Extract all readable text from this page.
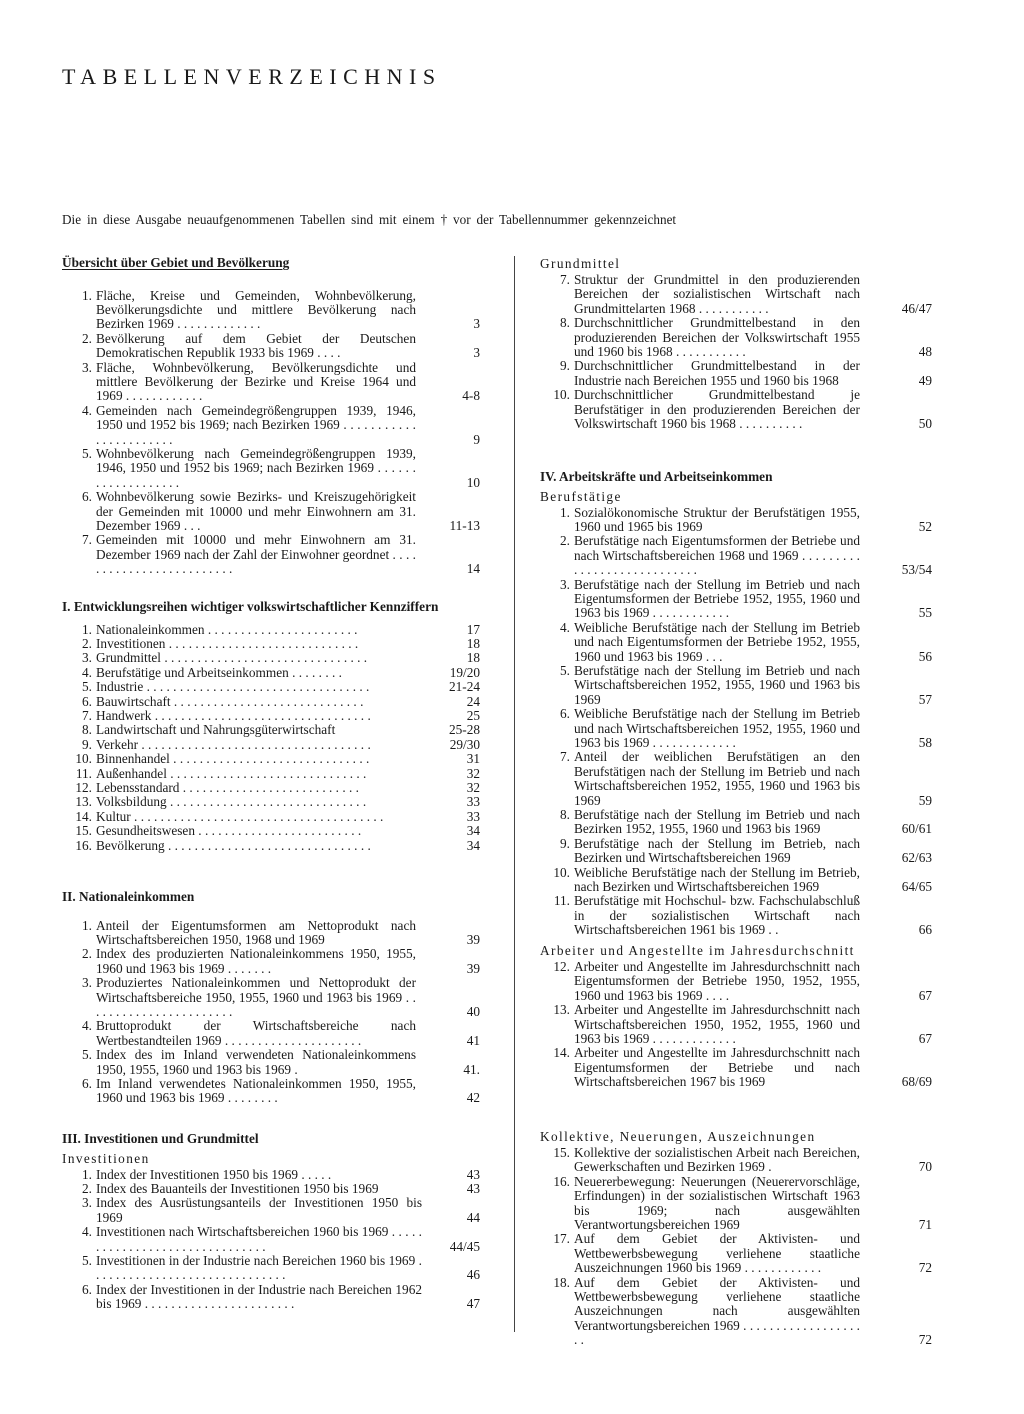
TABELLENVERZEICHNIS
Die in diese Ausgabe neuaufgenommenen Tabellen sind mit einem † vor der Tabellennummer gekennzeichnet
Übersicht über Gebiet und Bevölkerung
1. Fläche, Kreise und Gemeinden, Wohnbevölkerung, Bevölkerungsdichte und mittlere Bevölkerung nach Bezirken 1969 . . . . . . . . . . . . .	3
2. Bevölkerung auf dem Gebiet der Deutschen Demokratischen Republik 1933 bis 1969 . . . .	3
3. Fläche, Wohnbevölkerung, Bevölkerungsdichte und mittlere Bevölkerung der Bezirke und Kreise 1964 und 1969 . . . . . . . . . . . .	4-8
4. Gemeinden nach Gemeindegrößengruppen 1939, 1946, 1950 und 1952 bis 1969; nach Bezirken 1969 . . . . . . . . . . . . . . . . . . . . . . .	9
5. Wohnbevölkerung nach Gemeindegrößengruppen 1939, 1946, 1950 und 1952 bis 1969; nach Bezirken 1969 . . . . . . . . . . . . . . . . . . .	10
6. Wohnbevölkerung sowie Bezirks- und Kreiszugehörigkeit der Gemeinden mit 10000 und mehr Einwohnern am 31. Dezember 1969 . . .	11-13
7. Gemeinden mit 10000 und mehr Einwohnern am 31. Dezember 1969 nach der Zahl der Einwohner geordnet . . . . . . . . . . . . . . . . . . . . . . . . .	14
I. Entwicklungsreihen wichtiger volkswirtschaftlicher Kennziffern
1. Nationaleinkommen . . . . . . . . . . . . . . . . . . . . . . .	17
2. Investitionen . . . . . . . . . . . . . . . . . . . . . . . . . . . . .	18
3. Grundmittel . . . . . . . . . . . . . . . . . . . . . . . . . . . . . . .	18
4. Berufstätige und Arbeitseinkommen . . . . . . . .	19/20
5. Industrie . . . . . . . . . . . . . . . . . . . . . . . . . . . . . . . . . .	21-24
6. Bauwirtschaft . . . . . . . . . . . . . . . . . . . . . . . . . . . . .	24
7. Handwerk . . . . . . . . . . . . . . . . . . . . . . . . . . . . . . . . .	25
8. Landwirtschaft und Nahrungsgüterwirtschaft	25-28
9. Verkehr . . . . . . . . . . . . . . . . . . . . . . . . . . . . . . . . . . .	29/30
10. Binnenhandel . . . . . . . . . . . . . . . . . . . . . . . . . . . . . .	31
11. Außenhandel . . . . . . . . . . . . . . . . . . . . . . . . . . . . . .	32
12. Lebensstandard . . . . . . . . . . . . . . . . . . . . . . . . . . .	32
13. Volksbildung . . . . . . . . . . . . . . . . . . . . . . . . . . . . . .	33
14. Kultur . . . . . . . . . . . . . . . . . . . . . . . . . . . . . . . . . . . . . .	33
15. Gesundheitswesen . . . . . . . . . . . . . . . . . . . . . . . . .	34
16. Bevölkerung . . . . . . . . . . . . . . . . . . . . . . . . . . . . . . .	34
II. Nationaleinkommen
1. Anteil der Eigentumsformen am Nettoprodukt nach Wirtschaftsbereichen 1950, 1968 und 1969	39
2. Index des produzierten Nationaleinkommens 1950, 1955, 1960 und 1963 bis 1969 . . . . . . .	39
3. Produziertes Nationaleinkommen und Nettoprodukt der Wirtschaftsbereiche 1950, 1955, 1960 und 1963 bis 1969 . . . . . . . . . . . . . . . . . . . . . . .	40
4. Bruttoprodukt der Wirtschaftsbereiche nach Wertbestandteilen 1969 . . . . . . . . . . . . . . . . . . . . .	41
5. Index des im Inland verwendeten Nationaleinkommens 1950, 1955, 1960 und 1963 bis 1969 .	41.
6. Im Inland verwendetes Nationaleinkommen 1950, 1955, 1960 und 1963 bis 1969 . . . . . . . .	42
III. Investitionen und Grundmittel
Investitionen
1. Index der Investitionen 1950 bis 1969 . . . . .	43
2. Index des Bauanteils der Investitionen 1950 bis 1969	43
3. Index des Ausrüstungsanteils der Investitionen 1950 bis 1969	44
4. Investitionen nach Wirtschaftsbereichen 1960 bis 1969 . . . . . . . . . . . . . . . . . . . . . . . . . . . . . . .	44/45
5. Investitionen in der Industrie nach Bereichen 1960 bis 1969 . . . . . . . . . . . . . . . . . . . . . . . . . . . . . .	46
6. Index der Investitionen in der Industrie nach Bereichen 1962 bis 1969 . . . . . . . . . . . . . . . . . . . . . . .	47
Grundmittel
7. Struktur der Grundmittel in den produzierenden Bereichen der sozialistischen Wirtschaft nach Grundmittelarten 1968 . . . . . . . . . . .	46/47
8. Durchschnittlicher Grundmittelbestand in den produzierenden Bereichen der Volkswirtschaft 1955 und 1960 bis 1968 . . . . . . . . . . .	48
9. Durchschnittlicher Grundmittelbestand in der Industrie nach Bereichen 1955 und 1960 bis 1968	49
10. Durchschnittlicher Grundmittelbestand je Berufstätiger in den produzierenden Bereichen der Volkswirtschaft 1960 bis 1968 . . . . . . . . . .	50
IV. Arbeitskräfte und Arbeitseinkommen
Berufstätige
1. Sozialökonomische Struktur der Berufstätigen 1955, 1960 und 1965 bis 1969	52
2. Berufstätige nach Eigentumsformen der Betriebe und nach Wirtschaftsbereichen 1968 und 1969 . . . . . . . . . . . . . . . . . . . . . . . . . . . .	53/54
3. Berufstätige nach der Stellung im Betrieb und nach Eigentumsformen der Betriebe 1952, 1955, 1960 und 1963 bis 1969 . . . . . . . . . . . .	55
4. Weibliche Berufstätige nach der Stellung im Betrieb und nach Eigentumsformen der Betriebe 1952, 1955, 1960 und 1963 bis 1969 . . .	56
5. Berufstätige nach der Stellung im Betrieb und nach Wirtschaftsbereichen 1952, 1955, 1960 und 1963 bis 1969	57
6. Weibliche Berufstätige nach der Stellung im Betrieb und nach Wirtschaftsbereichen 1952, 1955, 1960 und 1963 bis 1969 . . . . . . . . . . . . .	58
7. Anteil der weiblichen Berufstätigen an den Berufstätigen nach der Stellung im Betrieb und nach Wirtschaftsbereichen 1952, 1955, 1960 und 1963 bis 1969	59
8. Berufstätige nach der Stellung im Betrieb und nach Bezirken 1952, 1955, 1960 und 1963 bis 1969	60/61
9. Berufstätige nach der Stellung im Betrieb, nach Bezirken und Wirtschaftsbereichen 1969	62/63
10. Weibliche Berufstätige nach der Stellung im Betrieb, nach Bezirken und Wirtschaftsbereichen 1969	64/65
11. Berufstätige mit Hochschul- bzw. Fachschulabschluß in der sozialistischen Wirtschaft nach Wirtschaftsbereichen 1961 bis 1969 . .	66
Arbeiter und Angestellte im Jahresdurchschnitt
12. Arbeiter und Angestellte im Jahresdurchschnitt nach Eigentumsformen der Betriebe 1950, 1952, 1955, 1960 und 1963 bis 1969 . . . .	67
13. Arbeiter und Angestellte im Jahresdurchschnitt nach Wirtschaftsbereichen 1950, 1952, 1955, 1960 und 1963 bis 1969 . . . . . . . . . . . . .	67
14. Arbeiter und Angestellte im Jahresdurchschnitt nach Eigentumsformen der Betriebe und nach Wirtschaftsbereichen 1967 bis 1969	68/69
Kollektive, Neuerungen, Auszeichnungen
15. Kollektive der sozialistischen Arbeit nach Bereichen, Gewerkschaften und Bezirken 1969 .	70
16. Neuererbewegung: Neuerungen (Neuerervorschläge, Erfindungen) in der sozialistischen Wirtschaft 1963 bis 1969; nach ausgewählten Verantwortungsbereichen 1969	71
17. Auf dem Gebiet der Aktivisten- und Wettbewerbsbewegung verliehene staatliche Auszeichnungen 1960 bis 1969 . . . . . . . . . . . .	72
18. Auf dem Gebiet der Aktivisten- und Wettbewerbsbewegung verliehene staatliche Auszeichnungen nach ausgewählten Verantwortungsbereichen 1969 . . . . . . . . . . . . . . . . . . . .	72
